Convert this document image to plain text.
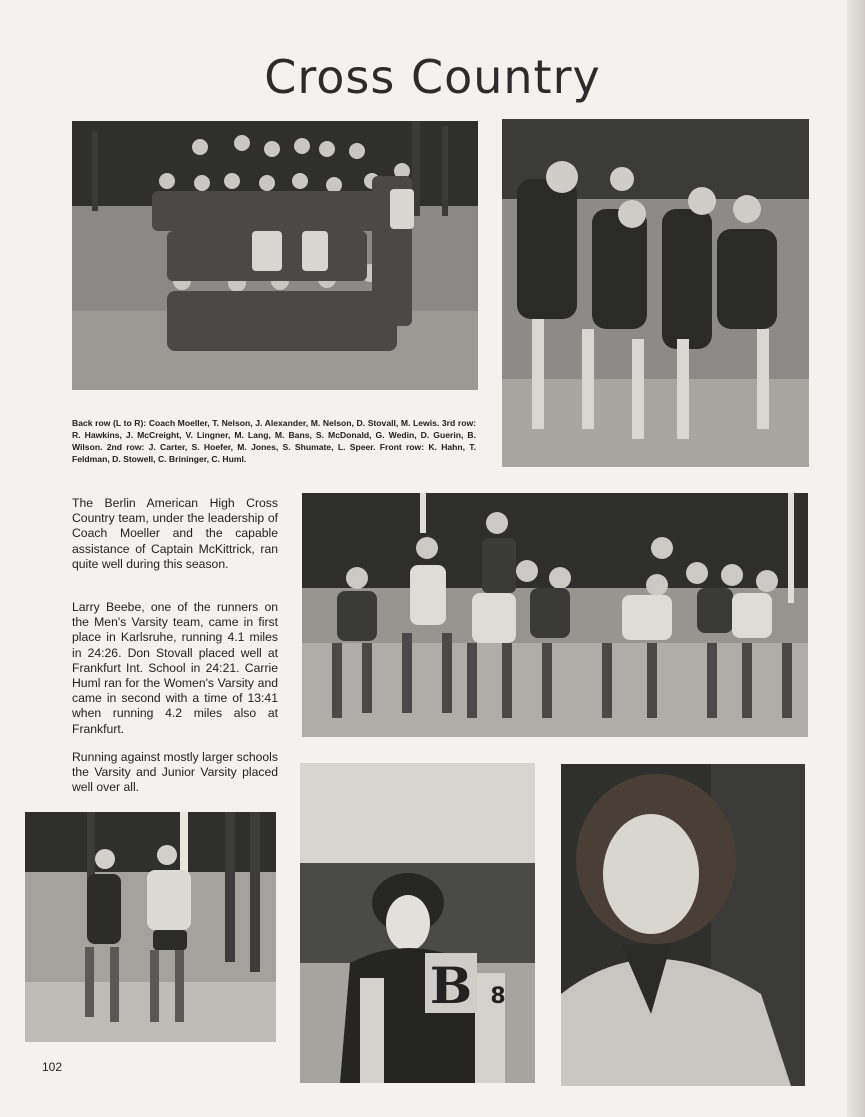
Cross Country
Back row (L to R): Coach Moeller, T. Nelson, J. Alexander, M. Nelson, D. Stovall, M. Lewis. 3rd row: R. Hawkins, J. McCreight, V. Lingner, M. Lang, M. Bans, S. McDonald, G. Wedin, D. Guerin, B. Wilson. 2nd row: J. Carter, S. Hoefer, M. Jones, S. Shumate, L. Speer. Front row: K. Hahn, T. Feldman, D. Stowell, C. Brininger, C. Huml.
The Berlin American High Cross Country team, under the leadership of Coach Moeller and the capable assistance of Captain McKittrick, ran quite well during this season.
Larry Beebe, one of the runners on the Men's Varsity team, came in first place in Karlsruhe, running 4.1 miles in 24:26. Don Stovall placed well at Frankfurt Int. School in 24:21. Carrie Huml ran for the Women's Varsity and came in second with a time of 13:41 when running 4.2 miles also at Frankfurt.
Running against mostly larger schools the Varsity and Junior Varsity placed well over all.
B 8
102
